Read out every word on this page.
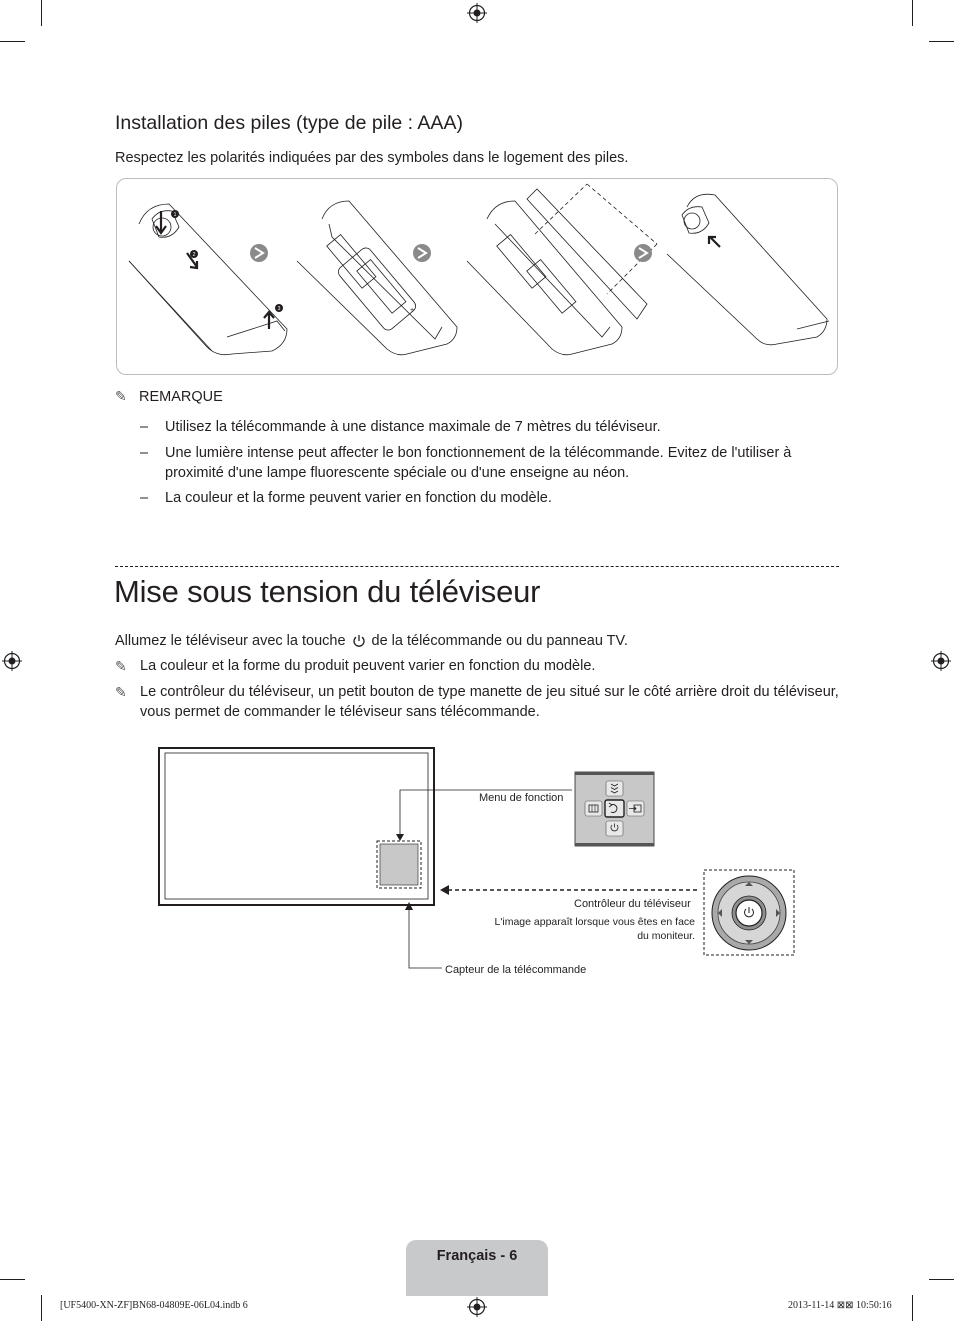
Installation des piles (type de pile : AAA)
Respectez les polarités indiquées par des symboles dans le logement des piles.
1
2
3	+
✎ REMARQUE
–	Utilisez la télécommande à une distance maximale de 7 mètres du téléviseur.
–	Une lumière intense peut affecter le bon fonctionnement de la télécommande. Evitez de l'utiliser à proximité d'une lampe fluorescente spéciale ou d'une enseigne au néon.
–	La couleur et la forme peuvent varier en fonction du modèle.
Mise sous tension du téléviseur
Allumez le téléviseur avec la touche de la télécommande ou du panneau TV.
✎ La couleur et la forme du produit peuvent varier en fonction du modèle.
✎ Le contrôleur du téléviseur, un petit bouton de type manette de jeu situé sur le côté arrière droit du téléviseur, vous permet de commander le téléviseur sans télécommande.
Menu de fonction
Contrôleur du téléviseur
L'image apparaît lorsque vous êtes en face
du moniteur.
Capteur de la télécommande
Français - 6
[UF5400-XN-ZF]BN68-04809E-06L04.indb 6	2013-11-14 ⊠⊠ 10:50:16
